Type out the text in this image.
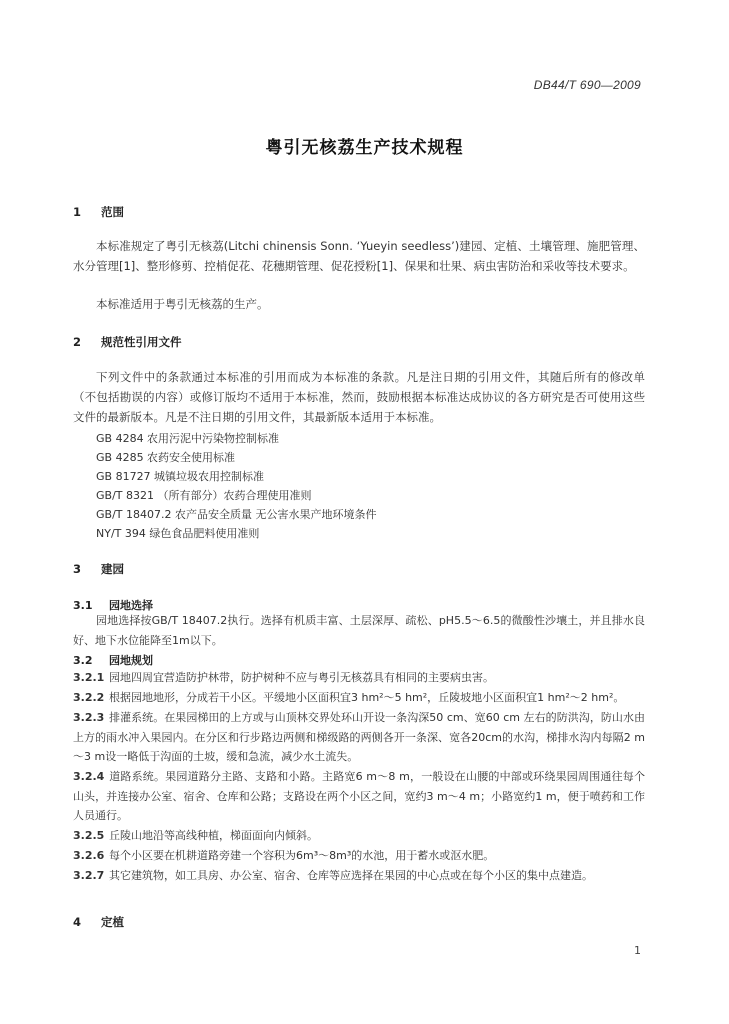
DB44/T 690—2009
粤引无核荔生产技术规程
1 范围
本标准规定了粤引无核荔(Litchi chinensis Sonn. ‘Yueyin seedless’)建园、定植、土壤管理、施肥管理、水分管理[1]、整形修剪、控梢促花、花穗期管理、促花授粉[1]、保果和壮果、病虫害防治和采收等技术要求。
本标准适用于粤引无核荔的生产。
2 规范性引用文件
下列文件中的条款通过本标准的引用而成为本标准的条款。凡是注日期的引用文件，其随后所有的修改单（不包括勘误的内容）或修订版均不适用于本标准，然而，鼓励根据本标准达成协议的各方研究是否可使用这些文件的最新版本。凡是不注日期的引用文件，其最新版本适用于本标准。
GB 4284 农用污泥中污染物控制标准
GB 4285 农药安全使用标准
GB 81727 城镇垃圾农用控制标准
GB/T 8321 （所有部分）农药合理使用准则
GB/T 18407.2 农产品安全质量 无公害水果产地环境条件
NY/T 394 绿色食品肥料使用准则
3 建园
3.1 园地选择
园地选择按GB/T 18407.2执行。选择有机质丰富、土层深厚、疏松、pH5.5～6.5的微酸性沙壤土，并且排水良好、地下水位能降至1m以下。
3.2 园地规划
3.2.1 园地四周宜营造防护林带，防护树种不应与粤引无核荔具有相同的主要病虫害。
3.2.2 根据园地地形，分成若干小区。平缓地小区面积宜3 hm²～5 hm²，丘陵坡地小区面积宜1 hm²～2 hm²。
3.2.3 排灌系统。在果园梯田的上方或与山顶林交界处环山开设一条沟深50 cm、宽60 cm 左右的防洪沟，防山水由上方的雨水冲入果园内。在分区和行步路边两侧和梯级路的两侧各开一条深、宽各20cm的水沟，梯排水沟内每隔2 m～3 m设一略低于沟面的土坡，缓和急流，减少水土流失。
3.2.4 道路系统。果园道路分主路、支路和小路。主路宽6 m～8 m，一般设在山腰的中部或环绕果园周围通往每个山头，并连接办公室、宿舍、仓库和公路；支路设在两个小区之间，宽约3 m～4 m；小路宽约1 m，便于喷药和工作人员通行。
3.2.5 丘陵山地沿等高线种植，梯面面向内倾斜。
3.2.6 每个小区要在机耕道路旁建一个容积为6m³～8m³的水池，用于蓄水或沤水肥。
3.2.7 其它建筑物，如工具房、办公室、宿舍、仓库等应选择在果园的中心点或在每个小区的集中点建造。
4 定植
1
